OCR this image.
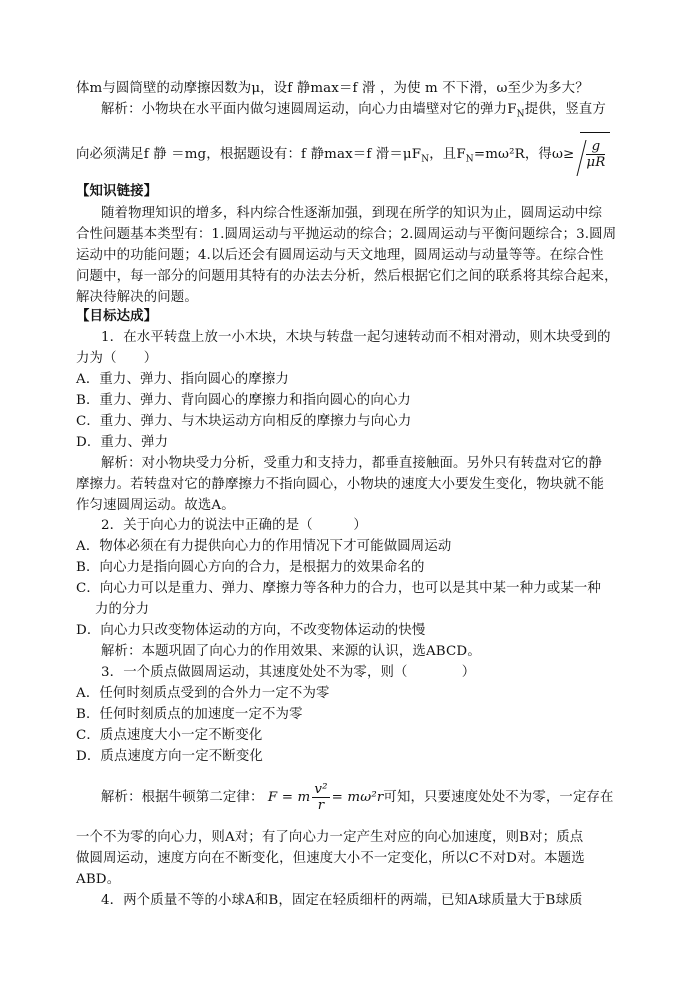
体m与圆筒壁的动摩擦因数为μ，设f 静max＝f 滑 ，为使 m 不下滑，ω至少为多大？
解析：小物块在水平面内做匀速圆周运动，向心力由墙壁对它的弹力$F_N$提供，竖直方
向必须满足f 静 ＝mg，根据题设有：f 静max＝f 滑$=\mu F_N$，且$F_N=m\omega^2R$，得$\omega\ge \frac{g}{\mu R}$
【知识链接】
随着物理知识的增多，科内综合性逐渐加强，到现在所学的知识为止，圆周运动中综
合性问题基本类型有：1.圆周运动与平抛运动的综合；2.圆周运动与平衡问题综合；3.圆周
运动中的功能问题；4.以后还会有圆周运动与天文地理，圆周运动与动量等等。在综合性
问题中，每一部分的问题用其特有的办法去分析，然后根据它们之间的联系将其综合起来，
解决待解决的问题。
【目标达成】
1．在水平转盘上放一小木块，木块与转盘一起匀速转动而不相对滑动，则木块受到的
力为（　　）
A．重力、弹力、指向圆心的摩擦力
B．重力、弹力、背向圆心的摩擦力和指向圆心的向心力
C．重力、弹力、与木块运动方向相反的摩擦力与向心力
D．重力、弹力
解析：对小物块受力分析，受重力和支持力，都垂直接触面。另外只有转盘对它的静
摩擦力。若转盘对它的静摩擦力不指向圆心，小物块的速度大小要发生变化，物块就不能
作匀速圆周运动。故选A。
2．关于向心力的说法中正确的是（　　　）
A．物体必须在有力提供向心力的作用情况下才可能做圆周运动
B．向心力是指向圆心方向的合力，是根据力的效果命名的
C．向心力可以是重力、弹力、摩擦力等各种力的合力，也可以是其中某一种力或某一种
力的分力
D．向心力只改变物体运动的方向，不改变物体运动的快慢
解析：本题巩固了向心力的作用效果、来源的认识，选ABCD。
3．一个质点做圆周运动，其速度处处不为零，则（　　　　）
A．任何时刻质点受到的合外力一定不为零
B．任何时刻质点的加速度一定不为零
C．质点速度大小一定不断变化
D．质点速度方向一定不断变化
解析：根据牛顿第二定律： F = m $\frac{\text{v²}}{r} = m\omega^2r$可知，只要速度处处不为零，一定存在
一个不为零的向心力，则A对；有了向心力一定产生对应的向心加速度，则B对；质点
做圆周运动，速度方向在不断变化，但速度大小不一定变化，所以C不对D对。本题选
ABD。
4．两个质量不等的小球A和B，固定在轻质细杆的两端，已知A球质量大于B球质
